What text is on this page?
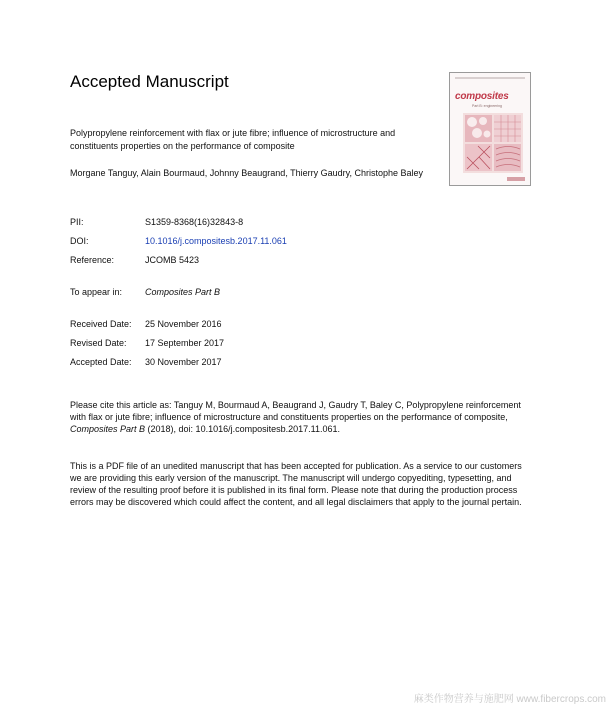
Accepted Manuscript

Polypropylene reinforcement with flax or jute fibre; influence of microstructure and constituents properties on the performance of composite

Morgane Tanguy, Alain Bourmaud, Johnny Beaugrand, Thierry Gaudry, Christophe Baley

PII:	S1359-8368(16)32843-8
DOI:	10.1016/j.compositesb.2017.11.061
Reference:	JCOMB 5423
To appear in:	Composites Part B
Received Date:	25 November 2016
Revised Date:	17 September 2017
Accepted Date:	30 November 2017

Please cite this article as: Tanguy M, Bourmaud A, Beaugrand J, Gaudry T, Baley C, Polypropylene reinforcement with flax or jute fibre; influence of microstructure and constituents properties on the performance of composite, Composites Part B (2018), doi: 10.1016/j.compositesb.2017.11.061.

This is a PDF file of an unedited manuscript that has been accepted for publication. As a service to our customers we are providing this early version of the manuscript. The manuscript will undergo copyediting, typesetting, and review of the resulting proof before it is published in its final form. Please note that during the production process errors may be discovered which could affect the content, and all legal disclaimers that apply to the journal pertain.

composites
Part B: engineering
麻类作物营养与施肥网 www.fibercrops.com
